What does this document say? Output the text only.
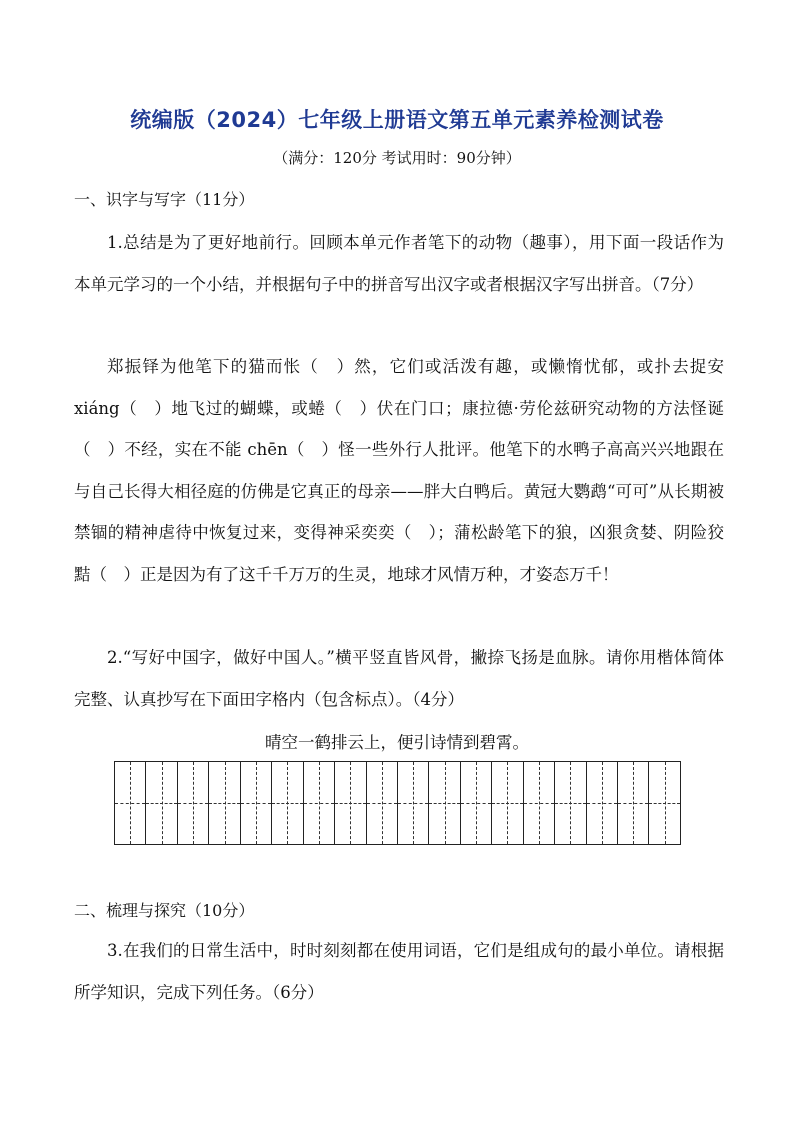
统编版（2024）七年级上册语文第五单元素养检测试卷
（满分：120分 考试用时：90分钟）
一、识字与写字（11分）

1.总结是为了更好地前行。回顾本单元作者笔下的动物（趣事），用下面一段话作为本单元学习的一个小结，并根据句子中的拼音写出汉字或者根据汉字写出拼音。（7分）

郑振铎为他笔下的猫而怅（　）然，它们或活泼有趣，或懒惰忧郁，或扑去捉安 xiáng（　）地飞过的蝴蝶，或蜷（　）伏在门口；康拉德·劳伦兹研究动物的方法怪诞（　）不经，实在不能 chēn（　）怪一些外行人批评。他笔下的水鸭子高高兴兴地跟在与自己长得大相径庭的仿佛是它真正的母亲——胖大白鸭后。黄冠大鹦鹉“可可”从长期被禁锢的精神虐待中恢复过来，变得神采奕奕（　）；蒲松龄笔下的狼，凶狠贪婪、阴险狡黠（　）正是因为有了这千千万万的生灵，地球才风情万种，才姿态万千！

2.“写好中国字，做好中国人。”横平竖直皆风骨，撇捺飞扬是血脉。请你用楷体简体完整、认真抄写在下面田字格内（包含标点）。（4分）

晴空一鹤排云上，便引诗情到碧霄。
二、梳理与探究（10分）

3.在我们的日常生活中，时时刻刻都在使用词语，它们是组成句的最小单位。请根据所学知识，完成下列任务。（6分）
